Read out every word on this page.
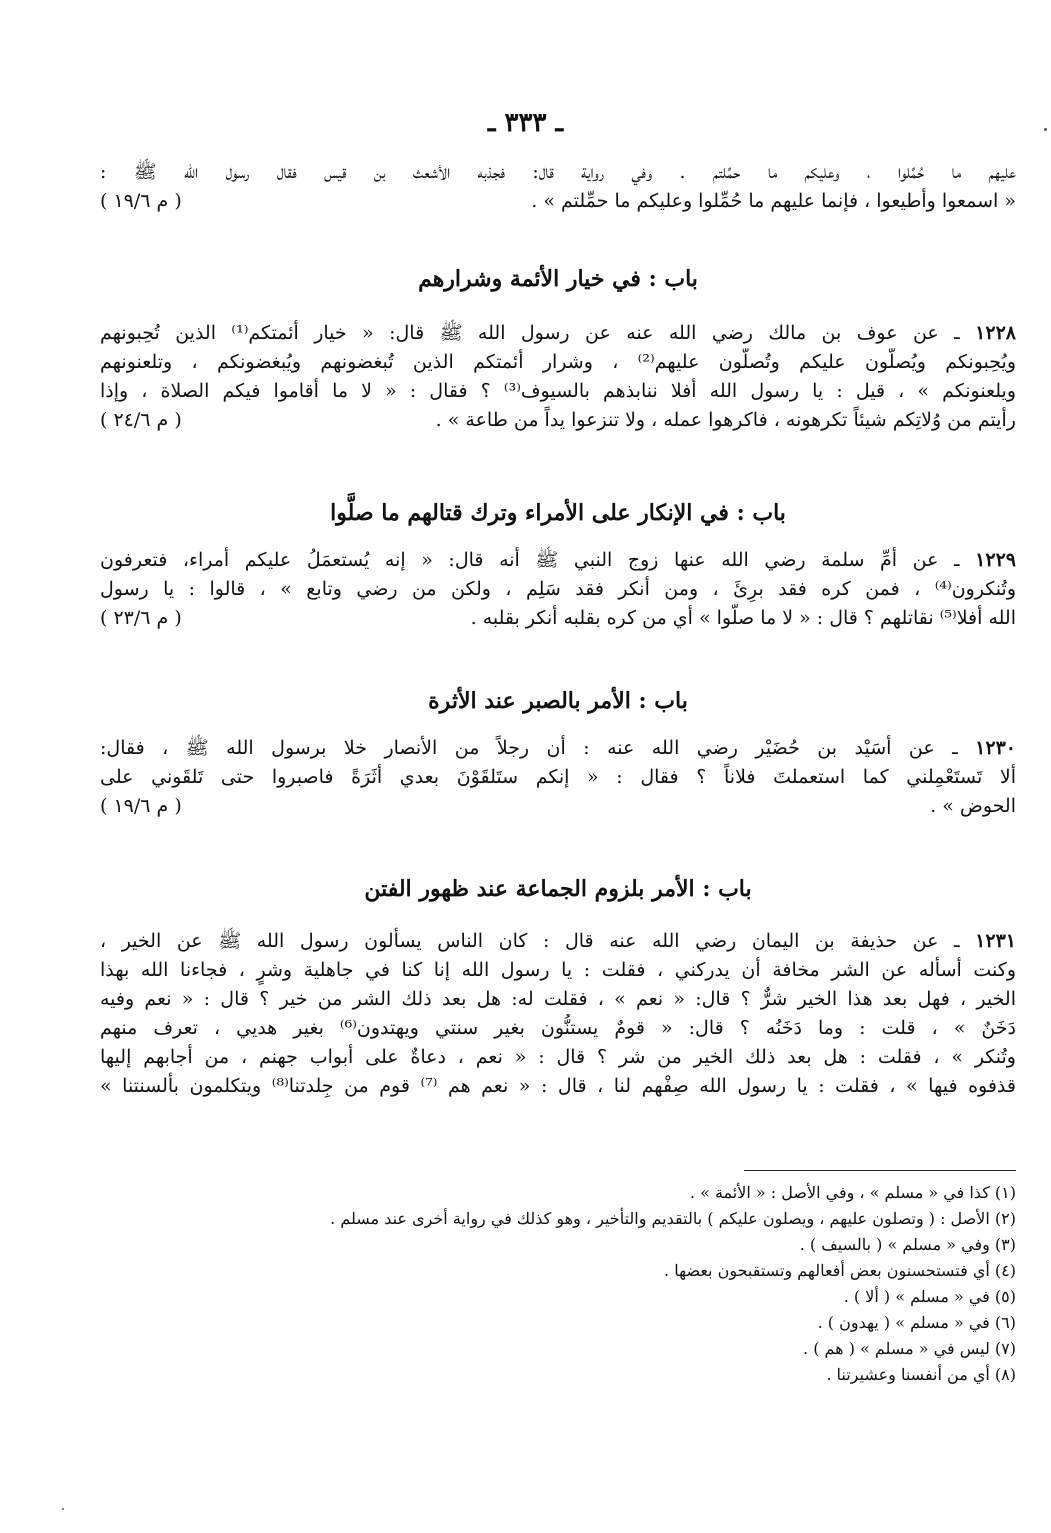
ـ ٣٣٣ ـ
عليهم ما حُمِّلوا ، وعليكم ما حمِّلتم . وفي رواية قال: فجذبه الأشعث بن قيس فقال رسول الله ﷺ :
« اسمعوا وأطيعوا ، فإنما عليهم ما حُمِّلوا وعليكم ما حمِّلتم » .
( م ١٩/٦ )
باب : في خيار الأئمة وشرارهم
١٢٢٨ ـ عن عوف بن مالك رضي الله عنه عن رسول الله ﷺ قال: « خيار أئمتكم⁽¹⁾ الذين تُحِبونهم
ويُحِبونكم ويُصلُّون عليكم وتُصلُّون عليهم⁽²⁾ ، وشرار أئمتكم الذين تُبغضونهم ويُبغضونكم ، وتلعنونهم
ويلعنونكم » ، قيل : يا رسول الله أفلا ننابذهم بالسيوف⁽³⁾ ؟ فقال : « لا ما أقاموا فيكم الصلاة ، وإذا
رأيتم من وُلاتِكم شيئاً تكرهونه ، فاكرهوا عمله ، ولا تنزعوا يداً من طاعة » .
( م ٢٤/٦ )
باب : في الإنكار على الأمراء وترك قتالهم ما صلَّوا
١٢٢٩ ـ عن أمِّ سلمة رضي الله عنها زوج النبي ﷺ أنه قال: « إنه يُستعمَلُ عليكم أمراء، فتعرفون
وتُنكرون⁽⁴⁾ ، فمن كره فقد برِئَ ، ومن أنكر فقد سَلِم ، ولكن من رضي وتابع » ، قالوا : يا رسول
الله أفلا⁽⁵⁾ نقاتلهم ؟ قال : « لا ما صلَّوا » أي من كره بقلبه أنكر بقلبه .
( م ٢٣/٦ )
باب : الأمر بالصبر عند الأثرة
١٢٣٠ ـ عن أُسَيْد بن حُضَيْر رضي الله عنه : أن رجلاً من الأنصار خلا برسول الله ﷺ ، فقال:
ألا تَستَعْمِلني كما استعملتَ فلاناً ؟ فقال : « إنكم ستَلقَوْنَ بعدي أثَرَةً فاصبروا حتى تَلقَوني على
الحوض » .
( م ١٩/٦ )
باب : الأمر بلزوم الجماعة عند ظهور الفتن
١٢٣١ ـ عن حذيفة بن اليمان رضي الله عنه قال : كان الناس يسألون رسول الله ﷺ عن الخير ،
وكنت أسأله عن الشر مخافة أن يدركني ، فقلت : يا رسول الله إنا كنا في جاهلية وشرٍ ، فجاءنا الله بهذا
الخير ، فهل بعد هذا الخير شرٌّ ؟ قال: « نعم » ، فقلت له: هل بعد ذلك الشر من خير ؟ قال : « نعم وفيه
دَخَنٌ » ، قلت : وما دَخَنُه ؟ قال: « قومٌ يستنُّون بغير سنتي ويهتدون⁽⁶⁾ بغير هديي ، تعرف منهم
وتُنكر » ، فقلت : هل بعد ذلك الخير من شر ؟ قال : « نعم ، دعاةٌ على أبواب جهنم ، من أجابهم إليها
قذفوه فيها » ، فقلت : يا رسول الله صِفْهم لنا ، قال : « نعم هم ⁽⁷⁾ قوم من جِلدتنا⁽⁸⁾ ويتكلمون بألسنتنا »
(١) كذا في « مسلم » ، وفي الأصل : « الأئمة » .
(٢) الأصل : ( وتصلون عليهم ، ويصلون عليكم ) بالتقديم والتأخير ، وهو كذلك في رواية أخرى عند مسلم .
(٣) وفي « مسلم » ( بالسيف ) .
(٤) أي فتستحسنون بعض أفعالهم وتستقبحون بعضها .
(٥) في « مسلم » ( ألا ) .
(٦) في « مسلم » ( يهدون ) .
(٧) ليس في « مسلم » ( هم ) .
(٨) أي من أنفسنا وعشيرتنا .
